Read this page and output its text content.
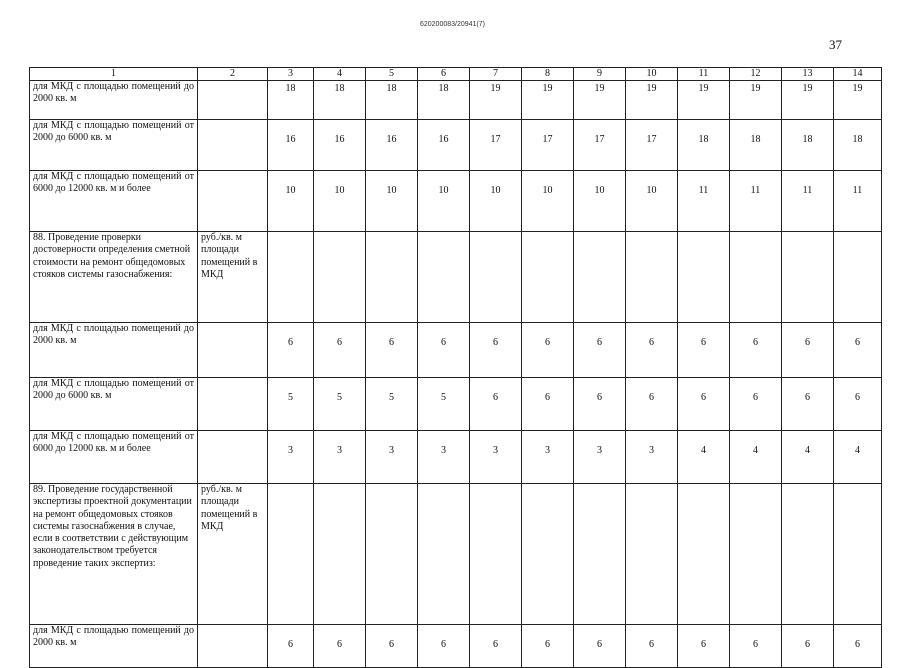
620200083/20941(7)
37
1	2	3	4	5	6	7	8	9	10	11	12	13	14
для МКД с площадью помещений до 2000 кв. м		18	18	18	18	19	19	19	19	19	19	19	19
для МКД с площадью помещений от 2000 до 6000 кв. м		16	16	16	16	17	17	17	17	18	18	18	18
для МКД с площадью помещений от 6000 до 12000 кв. м и более		10	10	10	10	10	10	10	10	11	11	11	11
88. Проведение проверки достоверности определения сметной стоимости на ремонт общедомовых стояков системы газоснабжения:	руб./кв. м площади помещений в МКД												
для МКД с площадью помещений до 2000 кв. м		6	6	6	6	6	6	6	6	6	6	6	6
для МКД с площадью помещений от 2000 до 6000 кв. м		5	5	5	5	6	6	6	6	6	6	6	6
для МКД с площадью помещений от 6000 до 12000 кв. м и более		3	3	3	3	3	3	3	3	4	4	4	4
89. Проведение государственной экспертизы проектной документации на ремонт общедомовых стояков системы газоснабжения в случае, если в соответствии с действующим законодательством требуется проведение таких экспертиз:	руб./кв. м площади помещений в МКД												
для МКД с площадью помещений до 2000 кв. м		6	6	6	6	6	6	6	6	6	6	6	6
